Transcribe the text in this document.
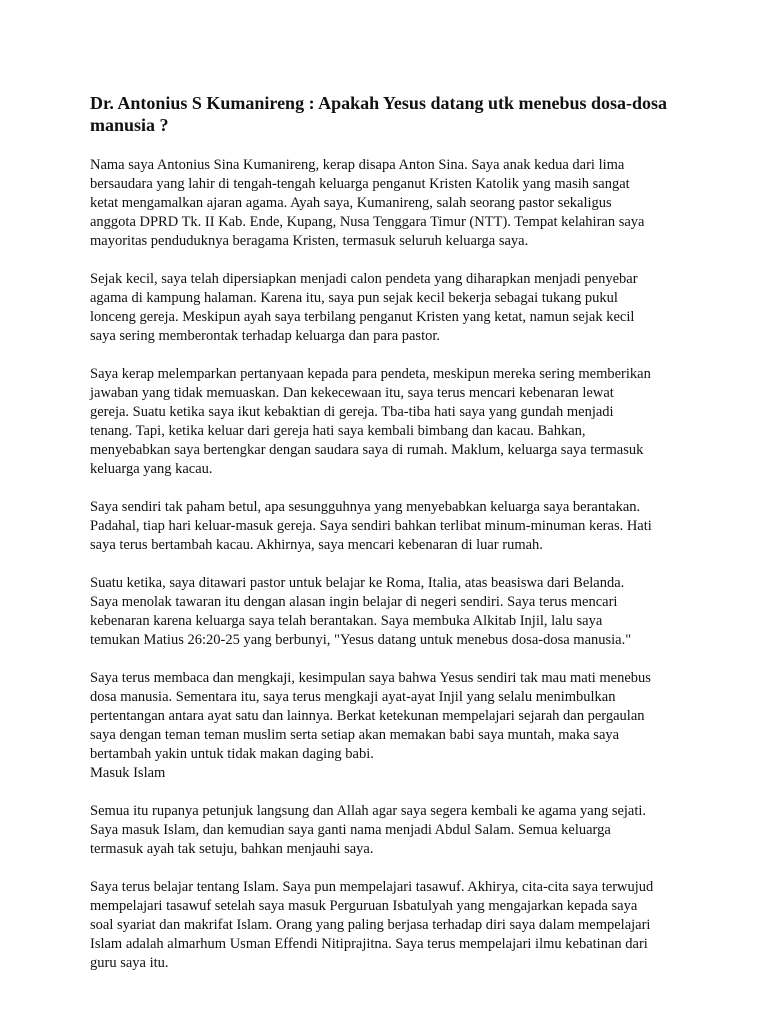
Dr. Antonius S Kumanireng : Apakah Yesus datang utk menebus dosa-dosa
manusia ?
Nama saya Antonius Sina Kumanireng, kerap disapa Anton Sina. Saya anak kedua dari lima
bersaudara yang lahir di tengah-tengah keluarga penganut Kristen Katolik yang masih sangat
ketat mengamalkan ajaran agama. Ayah saya, Kumanireng, salah seorang pastor sekaligus
anggota DPRD Tk. II Kab. Ende, Kupang, Nusa Tenggara Timur (NTT). Tempat kelahiran saya
mayoritas penduduknya beragama Kristen, termasuk seluruh keluarga saya.
Sejak kecil, saya telah dipersiapkan menjadi calon pendeta yang diharapkan menjadi penyebar
agama di kampung halaman. Karena itu, saya pun sejak kecil bekerja sebagai tukang pukul
lonceng gereja. Meskipun ayah saya terbilang penganut Kristen yang ketat, namun sejak kecil
saya sering memberontak terhadap keluarga dan para pastor.
Saya kerap melemparkan pertanyaan kepada para pendeta, meskipun mereka sering memberikan
jawaban yang tidak memuaskan. Dan kekecewaan itu, saya terus mencari kebenaran lewat
gereja. Suatu ketika saya ikut kebaktian di gereja. Tba-tiba hati saya yang gundah menjadi
tenang. Tapi, ketika keluar dari gereja hati saya kembali bimbang dan kacau. Bahkan,
menyebabkan saya bertengkar dengan saudara saya di rumah. Maklum, keluarga saya termasuk
keluarga yang kacau.
Saya sendiri tak paham betul, apa sesungguhnya yang menyebabkan keluarga saya berantakan.
Padahal, tiap hari keluar-masuk gereja. Saya sendiri bahkan terlibat minum-minuman keras. Hati
saya terus bertambah kacau. Akhirnya, saya mencari kebenaran di luar rumah.
Suatu ketika, saya ditawari pastor untuk belajar ke Roma, Italia, atas beasiswa dari Belanda.
Saya menolak tawaran itu dengan alasan ingin belajar di negeri sendiri. Saya terus mencari
kebenaran karena keluarga saya telah berantakan. Saya membuka Alkitab Injil, lalu saya
temukan Matius 26:20-25 yang berbunyi, "Yesus datang untuk menebus dosa-dosa manusia."
Saya terus membaca dan mengkaji, kesimpulan saya bahwa Yesus sendiri tak mau mati menebus
dosa manusia. Sementara itu, saya terus mengkaji ayat-ayat Injil yang selalu menimbulkan
pertentangan antara ayat satu dan lainnya. Berkat ketekunan mempelajari sejarah dan pergaulan
saya dengan teman teman muslim serta setiap akan memakan babi saya muntah, maka saya
bertambah yakin untuk tidak makan daging babi.
Masuk Islam
Semua itu rupanya petunjuk langsung dan Allah agar saya segera kembali ke agama yang sejati.
Saya masuk Islam, dan kemudian saya ganti nama menjadi Abdul Salam. Semua keluarga
termasuk ayah tak setuju, bahkan menjauhi saya.
Saya terus belajar tentang Islam. Saya pun mempelajari tasawuf. Akhirya, cita-cita saya terwujud
mempelajari tasawuf setelah saya masuk Perguruan Isbatulyah yang mengajarkan kepada saya
soal syariat dan makrifat Islam. Orang yang paling berjasa terhadap diri saya dalam mempelajari
Islam adalah almarhum Usman Effendi Nitiprajitna. Saya terus mempelajari ilmu kebatinan dari
guru saya itu.
